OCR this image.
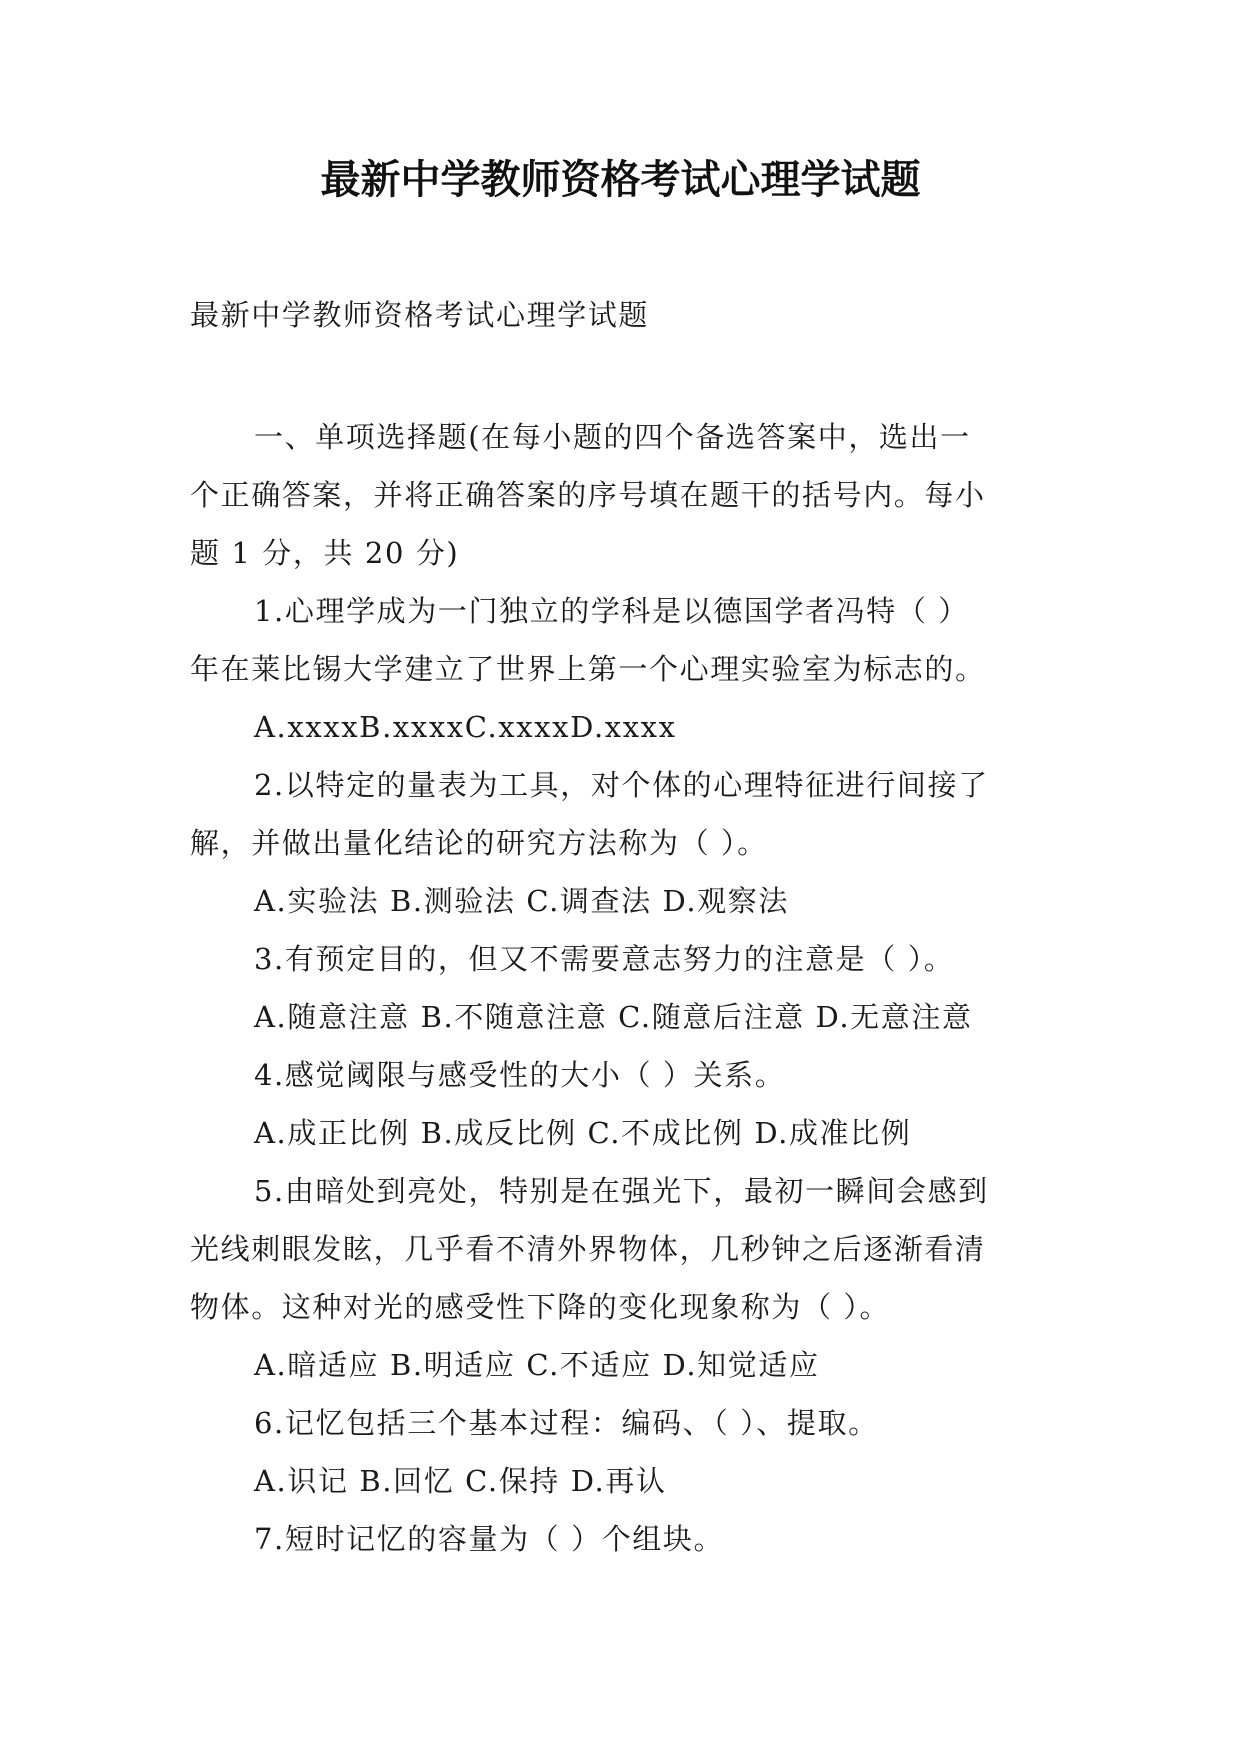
最新中学教师资格考试心理学试题
最新中学教师资格考试心理学试题
一、单项选择题(在每小题的四个备选答案中，选出一
个正确答案，并将正确答案的序号填在题干的括号内。每小
题 1 分，共 20 分)
1.心理学成为一门独立的学科是以德国学者冯特（ ）
年在莱比锡大学建立了世界上第一个心理实验室为标志的。
A.xxxxB.xxxxC.xxxxD.xxxx
2.以特定的量表为工具，对个体的心理特征进行间接了
解，并做出量化结论的研究方法称为（ ）。
A.实验法 B.测验法 C.调查法 D.观察法
3.有预定目的，但又不需要意志努力的注意是（ ）。
A.随意注意 B.不随意注意 C.随意后注意 D.无意注意
4.感觉阈限与感受性的大小（ ）关系。
A.成正比例 B.成反比例 C.不成比例 D.成准比例
5.由暗处到亮处，特别是在强光下，最初一瞬间会感到
光线刺眼发眩，几乎看不清外界物体，几秒钟之后逐渐看清
物体。这种对光的感受性下降的变化现象称为（ ）。
A.暗适应 B.明适应 C.不适应 D.知觉适应
6.记忆包括三个基本过程：编码、（ ）、提取。
A.识记 B.回忆 C.保持 D.再认
7.短时记忆的容量为（ ）个组块。
